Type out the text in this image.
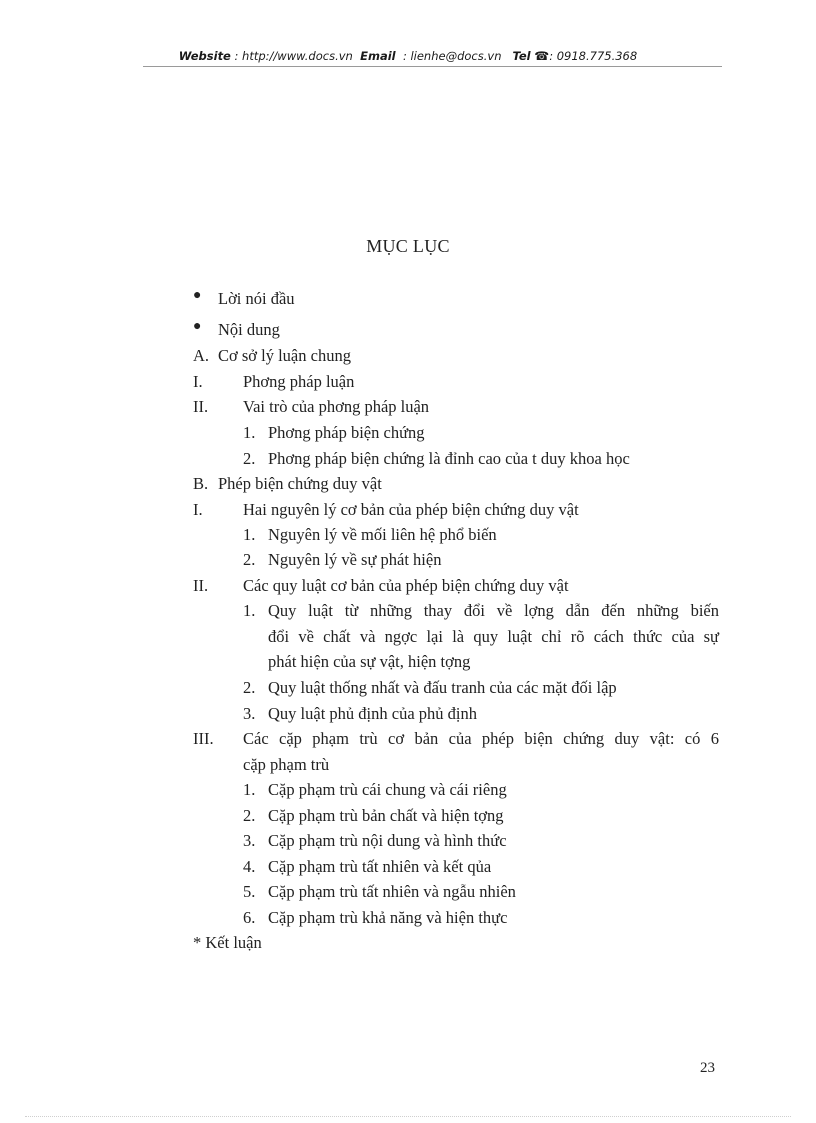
Website : http://www.docs.vn Email : lienhe@docs.vn Tel ☎: 0918.775.368
MỤC LỤC
● Lời nói đầu
● Nội dung
A. Cơ sở lý luận chung
I. Phơng pháp luận
II. Vai trò của phơng pháp luận
1. Phơng pháp biện chứng
2. Phơng pháp biện chứng là đỉnh cao của t duy khoa học
B. Phép biện chứng duy vật
I. Hai nguyên lý cơ bản của phép biện chứng duy vật
1. Nguyên lý về mối liên hệ phổ biến
2. Nguyên lý về sự phát hiện
II. Các quy luật cơ bản của phép biện chứng duy vật
1. Quy luật từ những thay đổi về lợng dẫn đến những biến
đổi về chất và ngợc lại là quy luật chỉ rõ cách thức của sự
phát hiện của sự vật, hiện tợng
2. Quy luật thống nhất và đấu tranh của các mặt đối lập
3. Quy luật phủ định của phủ định
III. Các cặp phạm trù cơ bản của phép biện chứng duy vật: có 6
cặp phạm trù
1. Cặp phạm trù cái chung và cái riêng
2. Cặp phạm trù bản chất và hiện tợng
3. Cặp phạm trù nội dung và hình thức
4. Cặp phạm trù tất nhiên và kết qủa
5. Cặp phạm trù tất nhiên và ngẫu nhiên
6. Cặp phạm trù khả năng và hiện thực
* Kết luận
23
